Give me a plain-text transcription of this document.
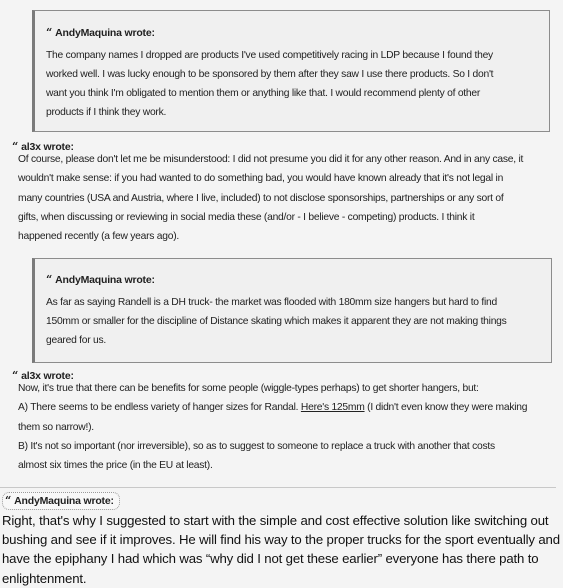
“ AndyMaquina wrote:
The company names I dropped are products I've used competitively racing in LDP because I found they
worked well. I was lucky enough to be sponsored by them after they saw I use there products. So I don't
want you think I'm obligated to mention them or anything like that. I would recommend plenty of other
products if I think they work.
“ al3x wrote:
Of course, please don't let me be misunderstood: I did not presume you did it for any other reason. And in any case, it
wouldn't make sense: if you had wanted to do something bad, you would have known already that it's not legal in
many countries (USA and Austria, where I live, included) to not disclose sponsorships, partnerships or any sort of
gifts, when discussing or reviewing in social media these (and/or - I believe - competing) products. I think it
happened recently (a few years ago).
“ AndyMaquina wrote:
As far as saying Randell is a DH truck- the market was flooded with 180mm size hangers but hard to find
150mm or smaller for the discipline of Distance skating which makes it apparent they are not making things
geared for us.
“ al3x wrote:
Now, it's true that there can be benefits for some people (wiggle-types perhaps) to get shorter hangers, but:
A) There seems to be endless variety of hanger sizes for Randal. Here's 125mm (I didn't even know they were making
them so narrow!).
B) It's not so important (nor irreversible), so as to suggest to someone to replace a truck with another that costs
almost six times the price (in the EU at least).
“ AndyMaquina wrote:
Right, that's why I suggested to start with the simple and cost effective solution like switching out
bushing and see if it improves. He will find his way to the proper trucks for the sport eventually and
have the epiphany I had which was “why did I not get these earlier” everyone has there path to
enlightenment.
